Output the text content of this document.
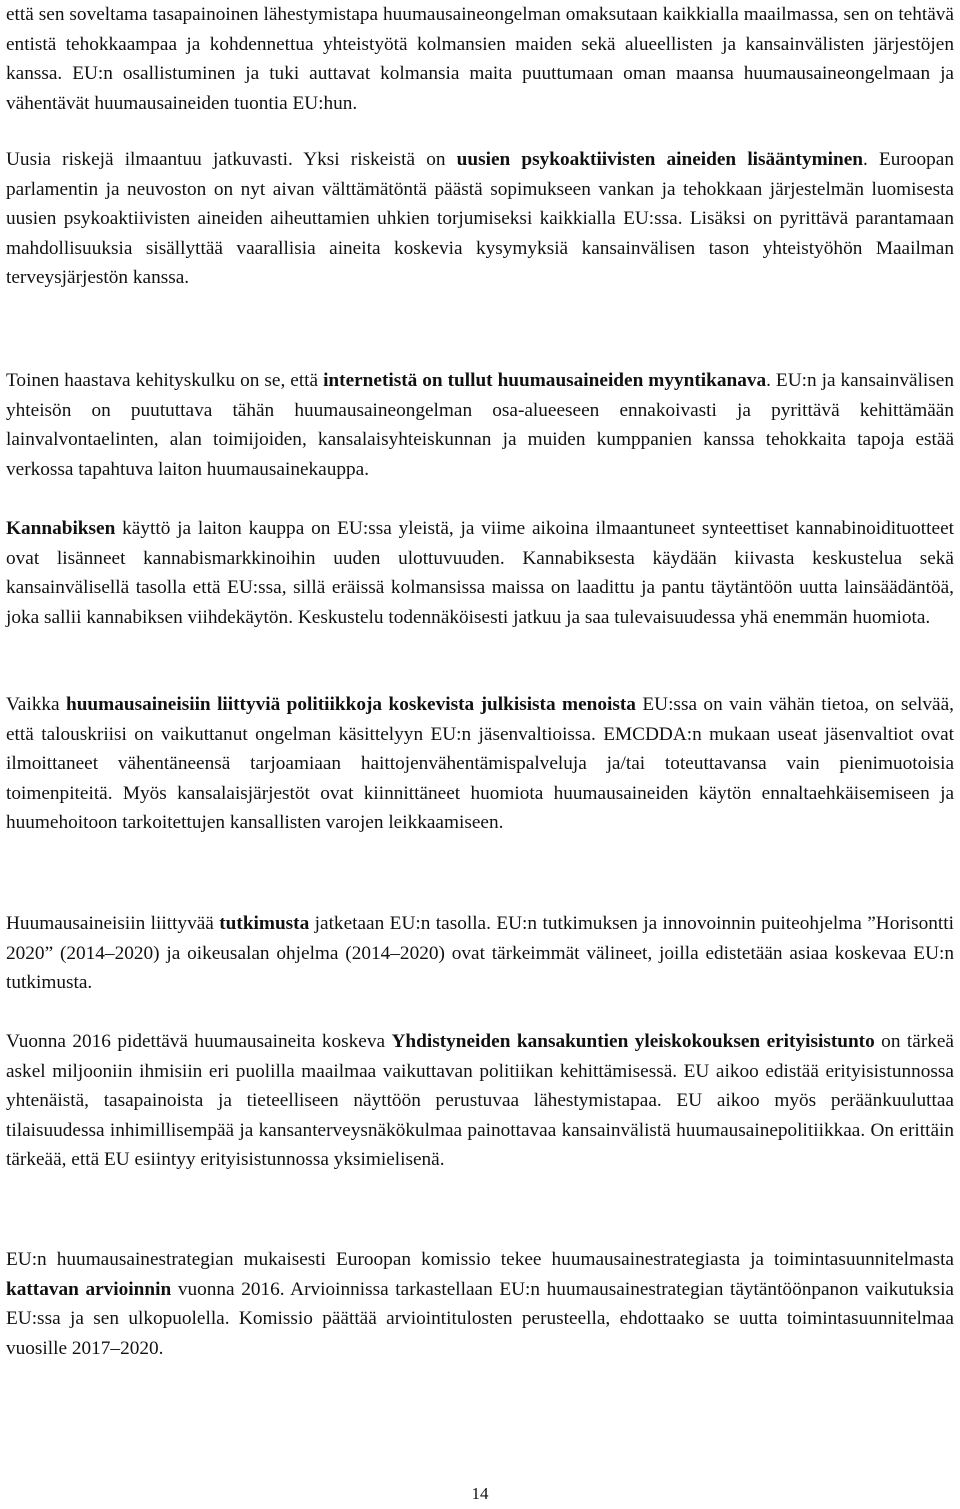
että sen soveltama tasapainoinen lähestymistapa huumausaineongelman omaksutaan kaikkialla maailmassa, sen on tehtävä entistä tehokkaampaa ja kohdennettua yhteistyötä kolmansien maiden sekä alueellisten ja kansainvälisten järjestöjen kanssa. EU:n osallistuminen ja tuki auttavat kolmansia maita puuttumaan oman maansa huumausaineongelmaan ja vähentävät huumausaineiden tuontia EU:hun.

Uusia riskejä ilmaantuu jatkuvasti. Yksi riskeistä on uusien psykoaktiivisten aineiden lisääntyminen. Euroopan parlamentin ja neuvoston on nyt aivan välttämätöntä päästä sopimukseen vankan ja tehokkaan järjestelmän luomisesta uusien psykoaktiivisten aineiden aiheuttamien uhkien torjumiseksi kaikkialla EU:ssa. Lisäksi on pyrittävä parantamaan mahdollisuuksia sisällyttää vaarallisia aineita koskevia kysymyksiä kansainvälisen tason yhteistyöhön Maailman terveysjärjestön kanssa.

Toinen haastava kehityskulku on se, että internetistä on tullut huumausaineiden myyntikanava. EU:n ja kansainvälisen yhteisön on puututtava tähän huumausaineongelman osa-alueeseen ennakoivasti ja pyrittävä kehittämään lainvalvontaelinten, alan toimijoiden, kansalaisyhteiskunnan ja muiden kumppanien kanssa tehokkaita tapoja estää verkossa tapahtuva laiton huumausainekauppa.

Kannabiksen käyttö ja laiton kauppa on EU:ssa yleistä, ja viime aikoina ilmaantuneet synteettiset kannabinoidituotteet ovat lisänneet kannabismarkkinoihin uuden ulottuvuuden. Kannabiksesta käydään kiivasta keskustelua sekä kansainvälisellä tasolla että EU:ssa, sillä eräissä kolmansissa maissa on laadittu ja pantu täytäntöön uutta lainsäädäntöä, joka sallii kannabiksen viihdekäytön. Keskustelu todennäköisesti jatkuu ja saa tulevaisuudessa yhä enemmän huomiota.

Vaikka huumausaineisiin liittyviä politiikkoja koskevista julkisista menoista EU:ssa on vain vähän tietoa, on selvää, että talouskriisi on vaikuttanut ongelman käsittelyyn EU:n jäsenvaltioissa. EMCDDA:n mukaan useat jäsenvaltiot ovat ilmoittaneet vähentäneensä tarjoamiaan haittojenvähentämispalveluja ja/tai toteuttavansa vain pienimuotoisia toimenpiteitä. Myös kansalaisjärjestöt ovat kiinnittäneet huomiota huumausaineiden käytön ennaltaehkäisemiseen ja huumehoitoon tarkoitettujen kansallisten varojen leikkaamiseen.

Huumausaineisiin liittyvää tutkimusta jatketaan EU:n tasolla. EU:n tutkimuksen ja innovoinnin puiteohjelma ”Horisontti 2020” (2014–2020) ja oikeusalan ohjelma (2014–2020) ovat tärkeimmät välineet, joilla edistetään asiaa koskevaa EU:n tutkimusta.

Vuonna 2016 pidettävä huumausaineita koskeva Yhdistyneiden kansakuntien yleiskokouksen erityisistunto on tärkeä askel miljooniin ihmisiin eri puolilla maailmaa vaikuttavan politiikan kehittämisessä. EU aikoo edistää erityisistunnossa yhtenäistä, tasapainoista ja tieteelliseen näyttöön perustuvaa lähestymistapaa. EU aikoo myös peräänkuuluttaa tilaisuudessa inhimillisempää ja kansanterveysnäkökulmaa painottavaa kansainvälistä huumausainepolitiikkaa. On erittäin tärkeää, että EU esiintyy erityisistunnossa yksimielisenä.

EU:n huumausainestrategian mukaisesti Euroopan komissio tekee huumausainestrategiasta ja toimintasuunnitelmasta kattavan arvioinnin vuonna 2016. Arvioinnissa tarkastellaan EU:n huumausainestrategian täytäntöönpanon vaikutuksia EU:ssa ja sen ulkopuolella. Komissio päättää arviointitulosten perusteella, ehdottaako se uutta toimintasuunnitelmaa vuosille 2017–2020.

14
